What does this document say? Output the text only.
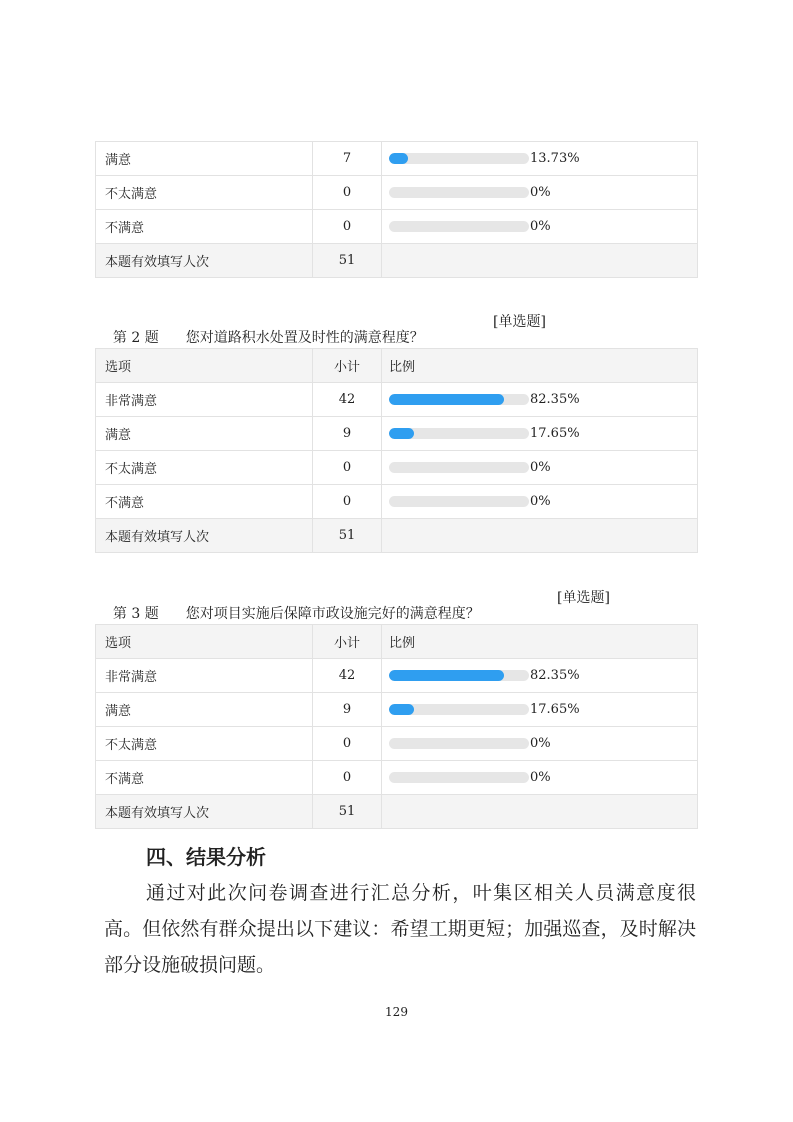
满意	7	13.73%
不太满意	0	0%
不满意	0	0%
本题有效填写人次	51	

第 2 题 您对道路积水处置及时性的满意程度？

[单选题]

选项	小计	比例
非常满意	42	82.35%
满意	9	17.65%
不太满意	0	0%
不满意	0	0%
本题有效填写人次	51	

第 3 题 您对项目实施后保障市政设施完好的满意程度？

[单选题]

选项	小计	比例
非常满意	42	82.35%
满意	9	17.65%
不太满意	0	0%
不满意	0	0%
本题有效填写人次	51	
四、结果分析
通过对此次问卷调查进行汇总分析，叶集区相关人员满意度很高。但依然有群众提出以下建议：希望工期更短；加强巡查，及时解决部分设施破损问题。
129
